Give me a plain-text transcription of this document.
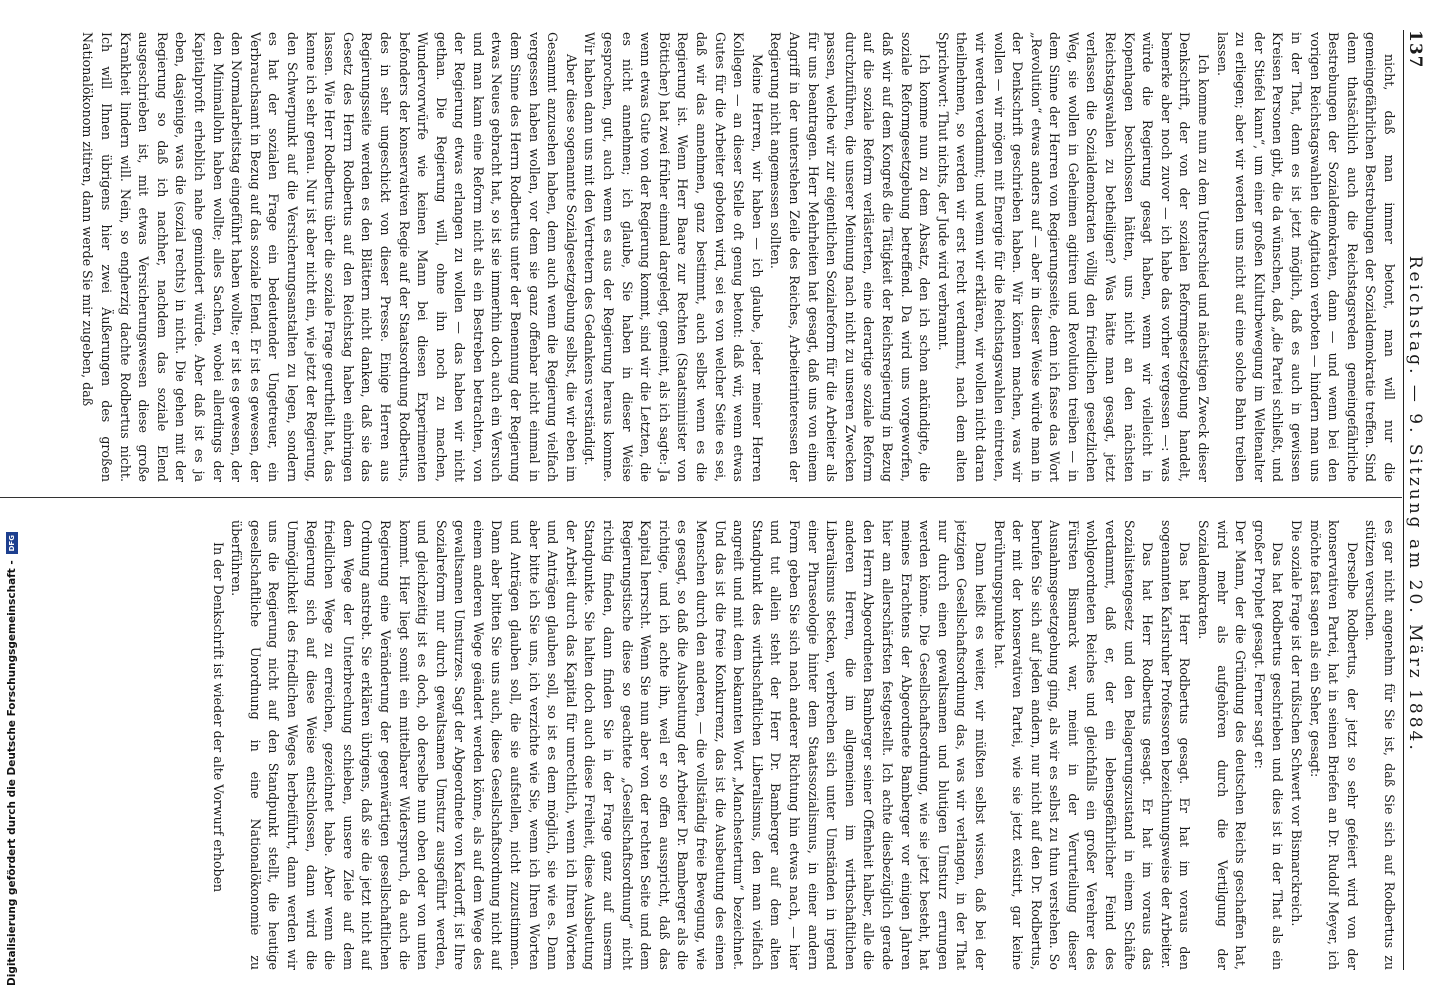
137
Reichstag. — 9. Sitzung am 20. März 1884.

nicht, daß man immer betont, man will nur die gemeingefährlichen Bestrebungen der Sozialdemokratie treffen. Sind denn thatsächlich auch die Reichstagsreden gemeingefährliche Bestrebungen der Sozialdemokraten, dann — und wenn bei den vorigen Reichstagswahlen die Agitation verboten — hindern man uns in der That, denn es ist jetzt möglich, daß es auch in gewissen Kreisen Personen gibt, die da wünschen, daß „die Partei schließt, und der Stiefel kann“, um einer großen Kulturbewegung im Weltenalter zu erliegen; aber wir werden uns nicht auf eine solche Bahn treiben lassen.

Ich komme nun zu dem Unterschied und nächstigen Zweck dieser Denkschrift, der von der sozialen Reformgesetzgebung handelt, bemerke aber noch zuvor — ich habe das vorher vergessen —: was würde die Regierung gesagt haben, wenn wir vielleicht in Kopenhagen beschlossen hätten, uns nicht an den nächsten Reichstagswahlen zu betheiligen? Was hätte man gesagt, jetzt verlassen die Sozialdemokraten völlig den friedlichen gesetzlichen Weg, sie wollen in Geheimen agitiren und Revolution treiben — in dem Sinne der Herren von Regierungsseite, denn ich fasse das Wort „Revolution“ etwas anders auf — aber in dieser Weise würde man in der Denkschrift geschrieben haben. Wir können machen, was wir wollen — wir mögen mit Energie für die Reichstagswahlen eintreten, wir werden verdammt; und wenn wir erklären, wir wollen nicht daran theilnehmen, so werden wir erst recht verdammt, nach dem alten Sprichwort: Thut nichts, der Jude wird verbrannt.

Ich komme nun zu dem Absatz, den ich schon ankündigte, die soziale Reformgesetzgebung betreffend. Da wird uns vorgeworfen, daß wir auf dem Kongreß die Tätigkeit der Reichsregierung in Bezug auf die soziale Reform verlästerten, eine derartige soziale Reform durchzuführen, die unserer Meinung nach nicht zu unseren Zwecken passen, welche wir zur eigentlichen Sozialreform für die Arbeiter als für uns beantragen. Herr Mehrheiten hat gesagt, daß uns von einem Angriff in der unterstehen Zeile des Reiches, Arbeiterinteressen der Regierung nicht angemessen sollten.

Meine Herren, wir haben — ich glaube, jeder meiner Herren Kollegen — an dieser Stelle oft genug betont: daß wir, wenn etwas Gutes für die Arbeiter geboten wird, sei es von welcher Seite es sei, daß wir das annehmen, ganz bestimmt, auch selbst wenn es die Regierung ist. Wenn Herr Baare zur Rechten (Staatsminister von Bötticher) hat zwei früher einmal dargelegt, gemeint, als ich sagte: Ja wenn etwas Gute von der Regierung kommt, sind wir die Letzten, die es nicht annehmen; ich glaube, Sie haben in dieser Weise gesprochen, gut, auch wenn es aus der Regierung heraus komme. Wir haben dann uns mit den Vertretern des Gedankens verständigt.

Aber diese sogenannte Sozialgesetzgebung selbst, die wir eben im Gesammt anzusehen haben, denn auch wenn die Regierung vielfach vergessen haben wollen, vor dem sie ganz offenbar nicht einmal in dem Sinne des Herrn Rodbertus unter der Benennung der Regierung etwas Neues gebracht hat, so ist sie immerhin doch auch ein Versuch und man kann eine Reform nicht als ein Bestreben betrachten, von der Regierung etwas erlangen zu wollen — das haben wir nicht gethan. Die Regierung will, ohne ihn noch zu machen, Wundervorwürfe wie keinen Mann bei diesen Experimenten befonders der konservativen Regie auf der Staatsordnung Rodbertus, des in sehr ungeschickt von dieser Presse. Einige Herren aus Regierungsseite werden es den Blättern nicht danken, daß sie das Gesetz des Herrn Rodbertus auf den Reichstag haben einbringen lassen. Wie Herr Rodbertus über die soziale Frage geurtheilt hat, das kenne ich sehr genau. Nur ist aber nicht ein, wie jetzt der Regierung, den Schwerpunkt auf die Versicherungsanstalten zu legen, sondern es hat der sozialen Frage ein bedeutender Ungetreuer, ein Verbrauchsamt in Bezug auf das soziale Elend. Er ist es gewesen, der den Normalarbeitstag eingeführt haben wollte; er ist es gewesen, der den Minimallohn haben wollte; alles Sachen, wobei allerdings der Kapitalprofit erheblich nahe gemindert würde. Aber daß ist es ja eben, dasjenige, was die (sozial rechts) in nicht. Die gehen mit der Regierung so daß ich nachher, nachdem das soziale Elend ausgeschrieben ist, mit etwas Versicherungswesen diese große Krankheit lindern will. Nein, so engherzig dachte Rodbertus nicht. Ich will Ihnen übrigens hier zwei Äußerungen des großen Nationalökonom zitiren, dann werde Sie mir zugeben, daß

es gar nicht angenehm für Sie ist, daß Sie sich auf Rodbertus zu stützen versuchen.

Derselbe Rodbertus, der jetzt so sehr gefeiert wird von der konservativen Partei, hat in seinen Briefen an Dr. Rudolf Meyer, ich möchte fast sagen als ein Seher, gesagt:

Die soziale Frage ist der rußischen Schwert vor Bismarckreich.

Das hat Rodbertus geschrieben und dies ist in der That als ein großer Prophet gesagt. Ferner sagt er:

Der Mann, der die Gründung des deutschen Reichs geschaffen hat, wird mehr als aufgehören durch die Vertilgung der Sozialdemokraten.

Das hat Herr Rodbertus gesagt. Er hat im voraus den sogenannten Karlsruher Professoren bezeichnungsweise der Arbeiter.

Das hat Herr Rodbertus gesagt. Er hat im voraus das Sozialistengesetz und den Belagerungszustand in einem Schäfte verdammt, daß er, der ein lebensgefährlicher Feind des wohlgeordneten Reiches und gleichfalls ein großer Verehrer des Fürsten Bismarck war, meint in der Verurteilung dieser Ausnahmsgesetzgebung ging, als wir es selbst zu thun verstehen. So berufen Sie sich auf jeden andern, nur nicht auf den Dr. Rodbertus, der mit der konservativen Partei, wie sie jetzt existirt, gar keine Berührungspunkte hat.

Dann heißt es weiter, wir müßten selbst wissen, daß bei der jetzigen Gesellschaftsordnung das, was wir verlangen, in der That nur durch einen gewaltsamen und blutigen Umsturz errungen werden könne. Die Gesellschaftsordnung, wie sie jetzt besteht, hat meines Erachtens der Abgeordnete Bamberger vor einigen Jahren hier am allerschärfsten festgestellt. Ich achte diesbezüglich gerade den Herrn Abgeordneten Bamberger seiner Offenheit halber, alle die anderen Herren, die im allgemeinen im wirthschaftlichen Liberalismus stecken, verbrechen sich unter Umständen in irgend einer Phraseologie hinter dem Staatssozialismus, in einer andern Form geben Sie sich nach anderer Richtung hin etwas nach, — hier und tut allein steht der Herr Dr. Bamberger auf dem alten Standpunkt des wirthschaftlichen Liberalismus, den man vielfach angreift und mit dem bekannten Wort „Manchestertum“ bezeichnet. Und das ist die freie Konkurrenz, das ist die Ausbeutung des einen Menschen durch den anderen, — die vollständig freie Bewegung, wie es gesagt, so daß die Ausbeutung der Arbeiter Dr. Bamberger als die richtige, und ich achte ihn, weil er so offen ausspricht, daß das Kapital herrscht. Wenn Sie nun aber von der rechten Seite und dem Regierungstische diese so geachtete „Gesellschaftsordnung“ nicht richtig finden, dann finden Sie in der Frage ganz auf unserm Standpunkte. Sie halten doch auch diese Freiheit, diese Ausbeutung der Arbeit durch das Kapital für unrechtlich, wenn ich Ihren Worten und Anträgen glauben soll, so ist es dem möglich, sie wie es. Dann aber bitte ich Sie uns, ich verzichte wie Sie, wenn ich Ihren Worten und Anträgen glauben soll, die sie aufstellen, nicht zuzustimmen. Dann aber bitten Sie uns auch, diese Gesellschaftsordnung nicht auf einem anderen Wege geändert werden könne, als auf dem Wege des gewaltsamen Umsturzes. Sagt der Abgeordnete von Kardorff, ist Ihre Sozialreform nur durch gewaltsamen Umsturz ausgeführt werden, und gleichzeitig ist es doch, ob derselbe nun oben oder von unten kommt. Hier liegt somit ein mittelbarer Widerspruch, da auch die Regierung eine Veränderung der gegenwärtigen gesellschaftlichen Ordnung anstrebt. Sie erklären übrigens, daß sie die jetzt nicht auf dem Wege der Unterbrechung schieben, unsere Ziele auf dem friedlichen Wege zu erreichen, gezeichnet habe. Aber wenn die Regierung sich auf diese Weise entschlossen, dann wird die Unmöglichkeit des friedlichen Weges herbeiführt, dann werden wir uns die Regierung nicht auf den Standpunkt stellt, die heutige gesellschaftliche Unordnung in eine Nationalökonomie zu überführen.

In der Denkschrift ist wieder der alte Vorwurf erhoben

Digitalisierung gefördert durch die Deutsche Forschungsgemeinschaft -
DFG
